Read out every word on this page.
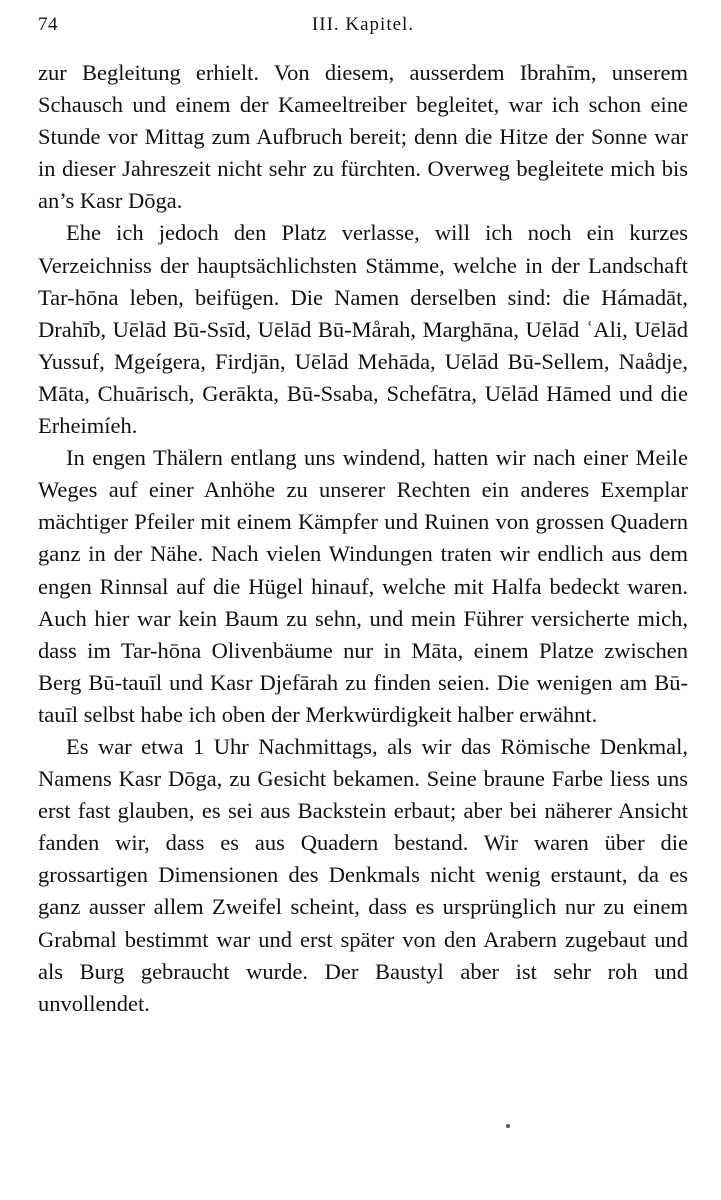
74	III. Kapitel.

zur Begleitung erhielt. Von diesem, ausserdem Ibrahīm, unserem Schausch und einem der Kameeltreiber begleitet, war ich schon eine Stunde vor Mittag zum Aufbruch bereit; denn die Hitze der Sonne war in dieser Jahreszeit nicht sehr zu fürchten. Overweg begleitete mich bis an’s Kasr Dōga.

Ehe ich jedoch den Platz verlasse, will ich noch ein kurzes Verzeichniss der hauptsächlichsten Stämme, welche in der Landschaft Tar-hōna leben, beifügen. Die Namen derselben sind: die Hámadāt, Drahīb, Uēlād Bū-Ssīd, Uēlād Bū-Mårah, Marghāna, Uēlād ʿAli, Uēlād Yussuf, Mgeígera, Firdjān, Uēlād Mehāda, Uēlād Bū-Sellem, Naådje, Māta, Chuārisch, Gerākta, Bū-Ssaba, Schefātra, Uēlād Hāmed und die Erheimíeh.

In engen Thälern entlang uns windend, hatten wir nach einer Meile Weges auf einer Anhöhe zu unserer Rechten ein anderes Exemplar mächtiger Pfeiler mit einem Kämpfer und Ruinen von grossen Quadern ganz in der Nähe. Nach vielen Windungen traten wir endlich aus dem engen Rinnsal auf die Hügel hinauf, welche mit Halfa bedeckt waren. Auch hier war kein Baum zu sehn, und mein Führer versicherte mich, dass im Tar-hōna Olivenbäume nur in Māta, einem Platze zwischen Berg Bū-tauīl und Kasr Djefārah zu finden seien. Die wenigen am Bū-tauīl selbst habe ich oben der Merkwürdigkeit halber erwähnt.

Es war etwa 1 Uhr Nachmittags, als wir das Römische Denkmal, Namens Kasr Dōga, zu Gesicht bekamen. Seine braune Farbe liess uns erst fast glauben, es sei aus Backstein erbaut; aber bei näherer Ansicht fanden wir, dass es aus Quadern bestand. Wir waren über die grossartigen Dimensionen des Denkmals nicht wenig erstaunt, da es ganz ausser allem Zweifel scheint, dass es ursprünglich nur zu einem Grabmal bestimmt war und erst später von den Arabern zugebaut und als Burg gebraucht wurde. Der Baustyl aber ist sehr roh und unvollendet.
